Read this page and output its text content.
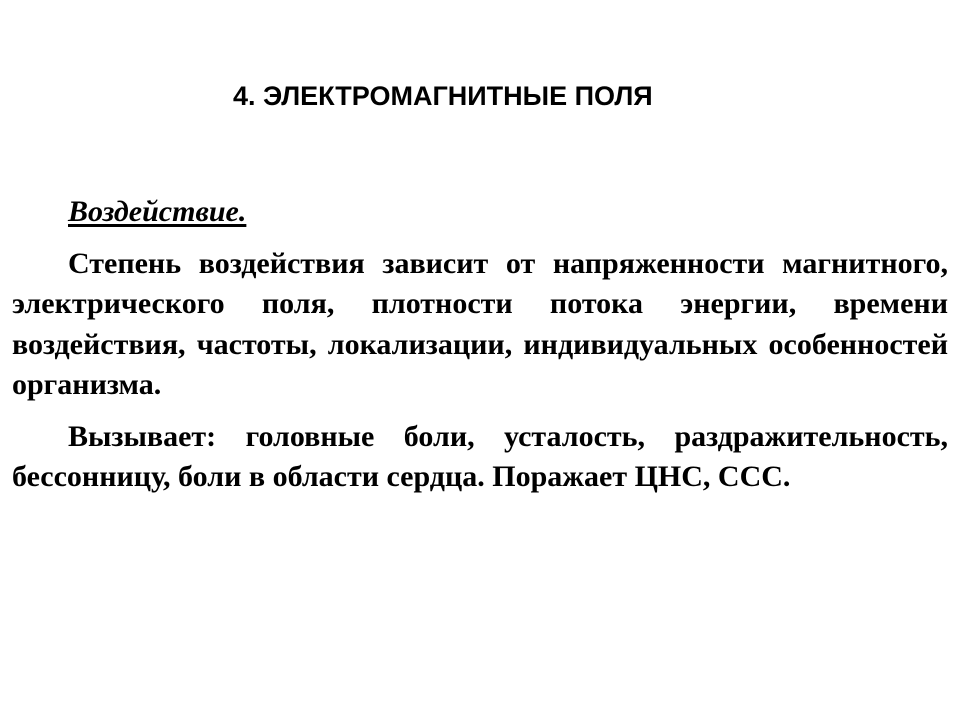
4. ЭЛЕКТРОМАГНИТНЫЕ ПОЛЯ

Воздействие.

Степень воздействия зависит от напряженности магнитного, электрического поля, плотности потока энергии, времени воздействия, частоты, локализации, индивидуальных особенностей организма.

Вызывает: головные боли, усталость, раздражительность, бессонницу, боли в области сердца. Поражает ЦНС, ССС.
